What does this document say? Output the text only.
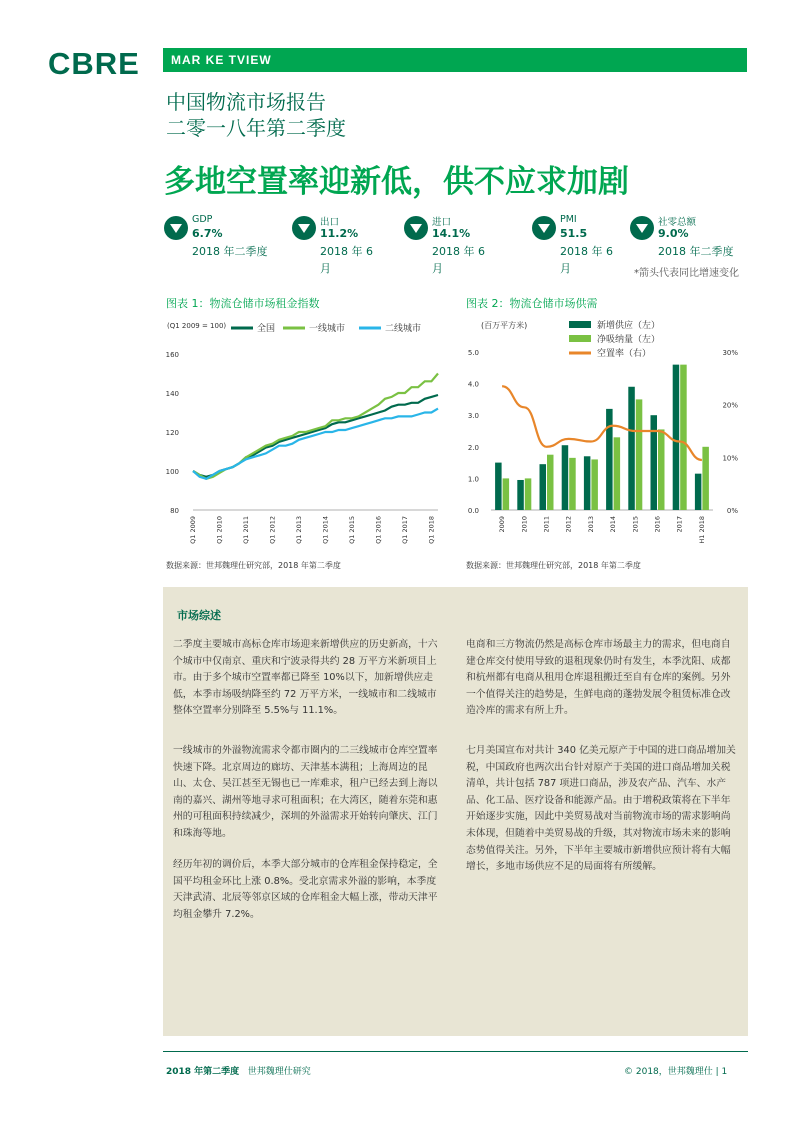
CBRE	MAR KE TVIEW
中国物流市场报告
二零一八年第二季度
多地空置率迎新低，供不应求加剧
GDP
6.7%
2018 年二季度
出口
11.2%
2018 年 6 月
进口
14.1%
2018 年 6 月
PMI
51.5
2018 年 6 月
社零总额
9.0%
2018 年二季度
*箭头代表同比增速变化
图表 1：物流仓储市场租金指数	图表 2：物流仓储市场供需
(Q1 2009 = 100)
80
100
120
140
160
Q1 2009	Q1 2010	Q1 2011	Q1 2012	Q1 2013	Q1 2014	Q1 2015	Q1 2016	Q1 2017	Q1 2018
全国	一线城市	二线城市	(百万平方米)
0.0
1.0
2.0
3.0
4.0
5.0
0%
10%
20%
30%
2009 2010 2011 2012 2013 2014 2015 2016 2017 H1 2018
新增供应（左）
净吸纳量（左）
空置率（右）
数据来源：世邦魏理仕研究部，2018 年第二季度	数据来源：世邦魏理仕研究部，2018 年第二季度
市场综述
二季度主要城市高标仓库市场迎来新增供应的历史新高，十六个城市中仅南京、重庆和宁波录得共约 28 万平方米新项目上市。由于多个城市空置率都已降至 10%以下，加新增供应走低，本季市场吸纳降至约 72 万平方米，一线城市和二线城市整体空置率分别降至 5.5%与 11.1%。
电商和三方物流仍然是高标仓库市场最主力的需求，但电商自建仓库交付使用导致的退租现象仍时有发生，本季沈阳、成都和杭州都有电商从租用仓库退租搬迁至自有仓库的案例。另外一个值得关注的趋势是，生鲜电商的蓬勃发展令租赁标准仓改造冷库的需求有所上升。
一线城市的外溢物流需求令都市圈内的二三线城市仓库空置率快速下降。北京周边的廊坊、天津基本满租；上海周边的昆山、太仓、吴江甚至无锡也已一库难求，租户已经去到上海以南的嘉兴、湖州等地寻求可租面积；在大湾区，随着东莞和惠州的可租面积持续减少，深圳的外溢需求开始转向肇庆、江门和珠海等地。
经历年初的调价后，本季大部分城市的仓库租金保持稳定，全国平均租金环比上涨 0.8%。受北京需求外溢的影响，本季度天津武清、北辰等邻京区域的仓库租金大幅上涨，带动天津平均租金攀升 7.2%。
七月美国宣布对共计 340 亿美元原产于中国的进口商品增加关税，中国政府也两次出台针对原产于美国的进口商品增加关税清单，共计包括 787 项进口商品，涉及农产品、汽车、水产品、化工品、医疗设备和能源产品。由于增税政策将在下半年开始逐步实施，因此中美贸易战对当前物流市场的需求影响尚未体现，但随着中美贸易战的升级，其对物流市场未来的影响态势值得关注。另外，下半年主要城市新增供应预计将有大幅增长，多地市场供应不足的局面将有所缓解。
2018 年第二季度 世邦魏理仕研究	© 2018，世邦魏理仕 | 1
